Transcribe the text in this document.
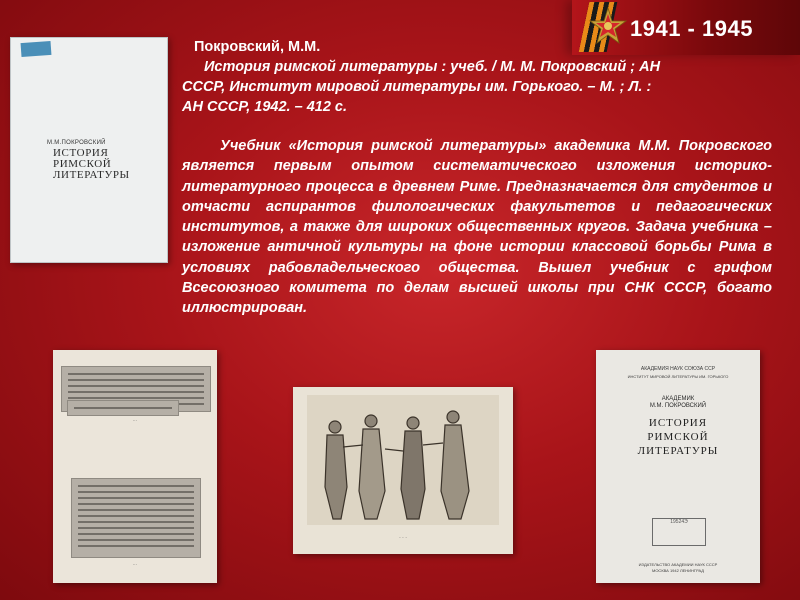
1941 - 1945
М.М.ПОКРОВСКИЙ
ИСТОРИЯ
РИМСКОЙ
ЛИТЕРАТУРЫ
Покровский, М.М.
История римской литературы : учеб. / М. М. Покровский ; АН
СССР, Институт мировой литературы им. Горького. – М. ; Л. :
АН СССР, 1942. – 412 с.

Учебник «История римской литературы» академика М.М. Покровского является первым опытом систематического изложения историко-литературного процесса в древнем Риме. Предназначается для студентов и отчасти аспирантов филологических факультетов и педагогических институтов, а также для широких общественных кругов. Задача учебника – изложение античной культуры на фоне истории классовой борьбы Рима в условиях рабовладельческого общества. Вышел учебник с грифом Всесоюзного комитета по делам высшей школы при СНК СССР, богато иллюстрирован.

···
···
· · ·
АКАДЕМИЯ НАУК СОЮЗА ССР
ИНСТИТУТ МИРОВОЙ ЛИТЕРАТУРЫ ИМ. ГОРЬКОГО
АКАДЕМИК
М.М. ПОКРОВСКИЙ
ИСТОРИЯ
РИМСКОЙ
ЛИТЕРАТУРЫ
19524Э
ИЗДАТЕЛЬСТВО АКАДЕМИИ НАУК СССР
МОСКВА 1942 ЛЕНИНГРАД
